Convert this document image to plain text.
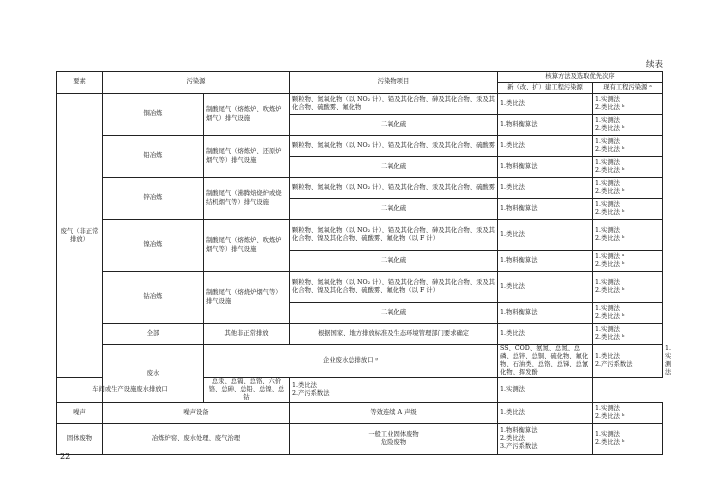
续表
要素	污染源		污染物项目	核算方法及选取优先次序		
				新（改、扩）建工程污染源	现有工程污染源 ᵃ	
废气（非正常排放）	铜冶炼	制酸尾气（熔炼炉、吹炼炉烟气）排气设施	颗粒物、氮氧化物（以 NO₂ 计）、铅及其化合物、砷及其化合物、汞及其化合物、硫酸雾、氟化物	1.类比法	1.实测法
2.类比法 ᵇ	
			二氧化硫	1.物料衡算法	1.实测法
2.类比法 ᵇ	
	铅冶炼	制酸尾气（熔炼炉、还原炉烟气等）排气设施	颗粒物、氮氧化物（以 NO₂ 计）、铅及其化合物、汞及其化合物、硫酸雾	1.类比法	1.实测法
2.类比法 ᵇ	
			二氧化硫	1.物料衡算法	1.实测法
2.类比法 ᵇ	
	锌冶炼	制酸尾气（沸腾焙烧炉或烧结机烟气等）排气设施	颗粒物、氮氧化物（以 NO₂ 计）、铅及其化合物、汞及其化合物、硫酸雾	1.类比法	1.实测法
2.类比法 ᵇ	
			二氧化硫	1.物料衡算法	1.实测法
2.类比法 ᵇ	
	镍冶炼	制酸尾气（熔炼炉、吹炼炉烟气等）排气设施	颗粒物、氮氧化物（以 NO₂ 计）、铅及其化合物、砷及其化合物、汞及其化合物、镍及其化合物、硫酸雾、氟化物（以 F 计）	1.类比法	1.实测法
2.类比法 ᵇ	
			二氧化硫	1.物料衡算法	1.实测法 ᵃ
2.类比法 ᵇ	
	钴冶炼	制酸尾气（熔烧炉烟气等）排气设施	颗粒物、氮氧化物（以 NO₂ 计）、铅及其化合物、砷及其化合物、汞及其化合物、镍及其化合物、硫酸雾、氟化物（以 F 计）	1.类比法	1.实测法
2.类比法 ᵇ	
			二氧化硫	1.物料衡算法	1.实测法
2.类比法 ᵇ	
	全部	其他非正常排放	根据国家、地方排放标准及生态环境管理部门要求确定	1.类比法	1.实测法
2.类比法 ᵇ	
	废水	企业废水总排放口 ᵍ		SS、COD、氨氮、总氮、总磷、总锌、总铜、硫化物、氟化物、石油类、总铬、总锑、总氰化物、挥发酚	1.类比法
2.产污系数法	1.实测法
车间或生产设施废水排放口		总汞、总镉、总铬、六价铬、总砷、总铅、总镍、总钴	1.类比法
2.产污系数法	1.实测法		
噪声	噪声设备		等效连续 A 声级	1.类比法	1.实测法
2.类比法 ᵇ	
固体废物	冶炼炉窑、废水处理、废气治理		一般工业固体废物
危险废物	1.物料衡算法
2.类比法
3.产污系数法	1.实测法
2.类比法 ᵇ	
22
